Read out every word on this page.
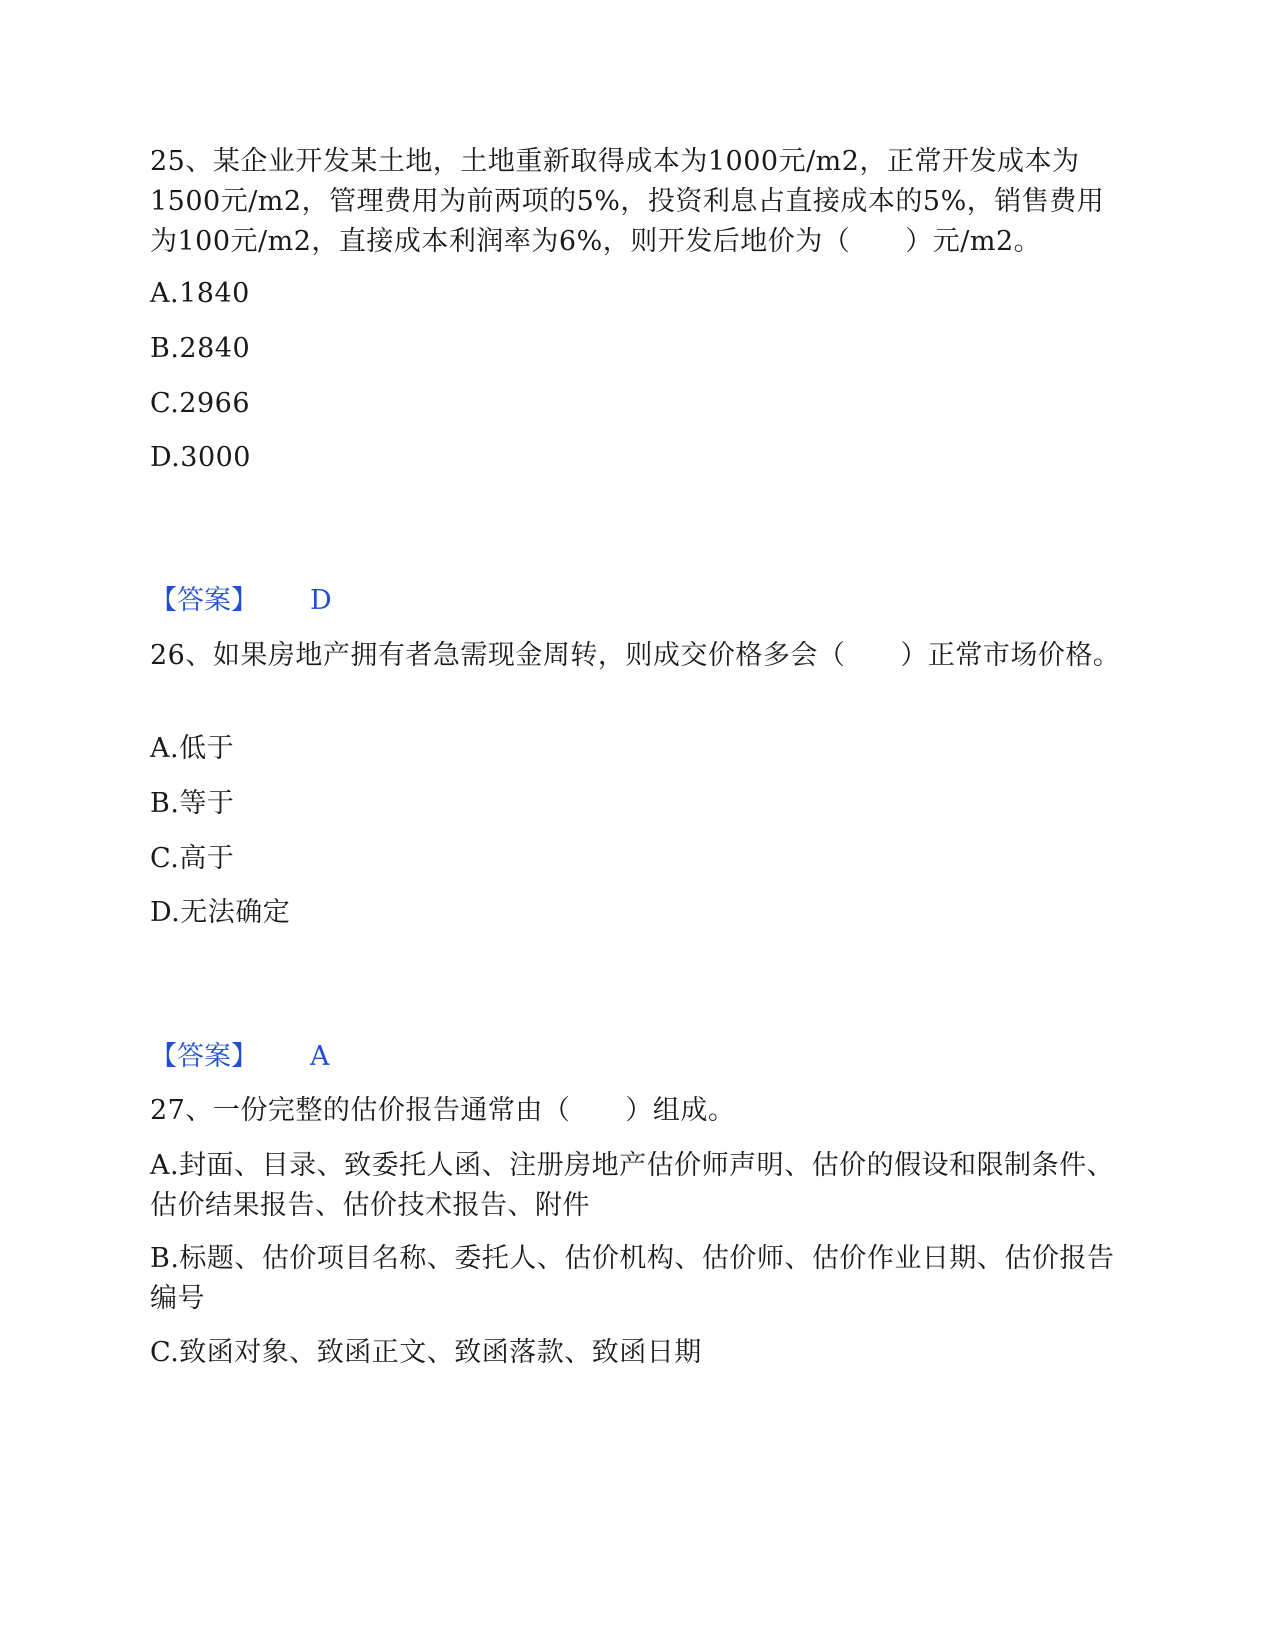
25、某企业开发某土地，土地重新取得成本为1000元/m2，正常开发成本为1500元/m2，管理费用为前两项的5%，投资利息占直接成本的5%，销售费用为100元/m2，直接成本利润率为6%，则开发后地价为（　　）元/m2。

A.1840

B.2840

C.2966

D.3000

【答案】 D

26、如果房地产拥有者急需现金周转，则成交价格多会（　　）正常市场价格。

A.低于

B.等于

C.高于

D.无法确定

【答案】 A

27、一份完整的估价报告通常由（　　）组成。

A.封面、目录、致委托人函、注册房地产估价师声明、估价的假设和限制条件、估价结果报告、估价技术报告、附件

B.标题、估价项目名称、委托人、估价机构、估价师、估价作业日期、估价报告编号

C.致函对象、致函正文、致函落款、致函日期
